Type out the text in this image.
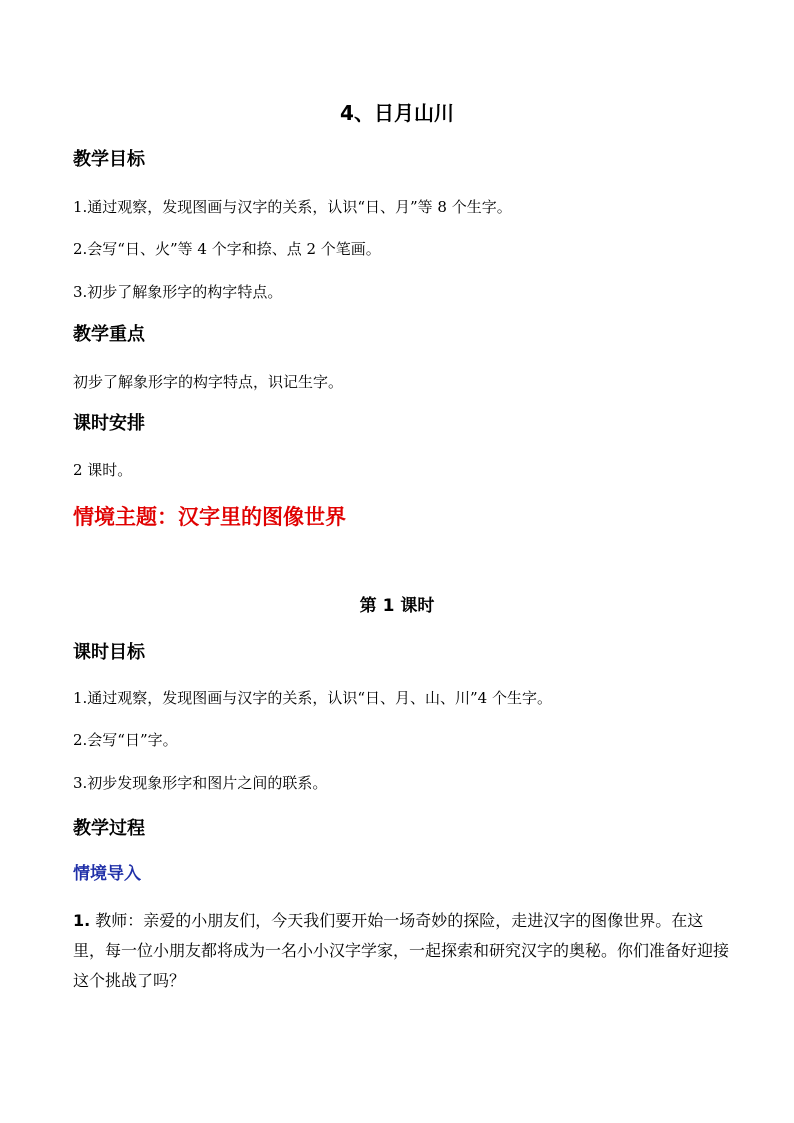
4、日月山川
教学目标
1.通过观察，发现图画与汉字的关系，认识“日、月”等 8 个生字。
2.会写“日、火”等 4 个字和捺、点 2 个笔画。
3.初步了解象形字的构字特点。
教学重点
初步了解象形字的构字特点，识记生字。
课时安排
2 课时。
情境主题：汉字里的图像世界
第 1 课时
课时目标
1.通过观察，发现图画与汉字的关系，认识“日、月、山、川”4 个生字。
2.会写“日”字。
3.初步发现象形字和图片之间的联系。
教学过程
情境导入
1. 教师：亲爱的小朋友们，今天我们要开始一场奇妙的探险，走进汉字的图像世界。在这里，每一位小朋友都将成为一名小小汉字学家，一起探索和研究汉字的奥秘。你们准备好迎接这个挑战了吗？
